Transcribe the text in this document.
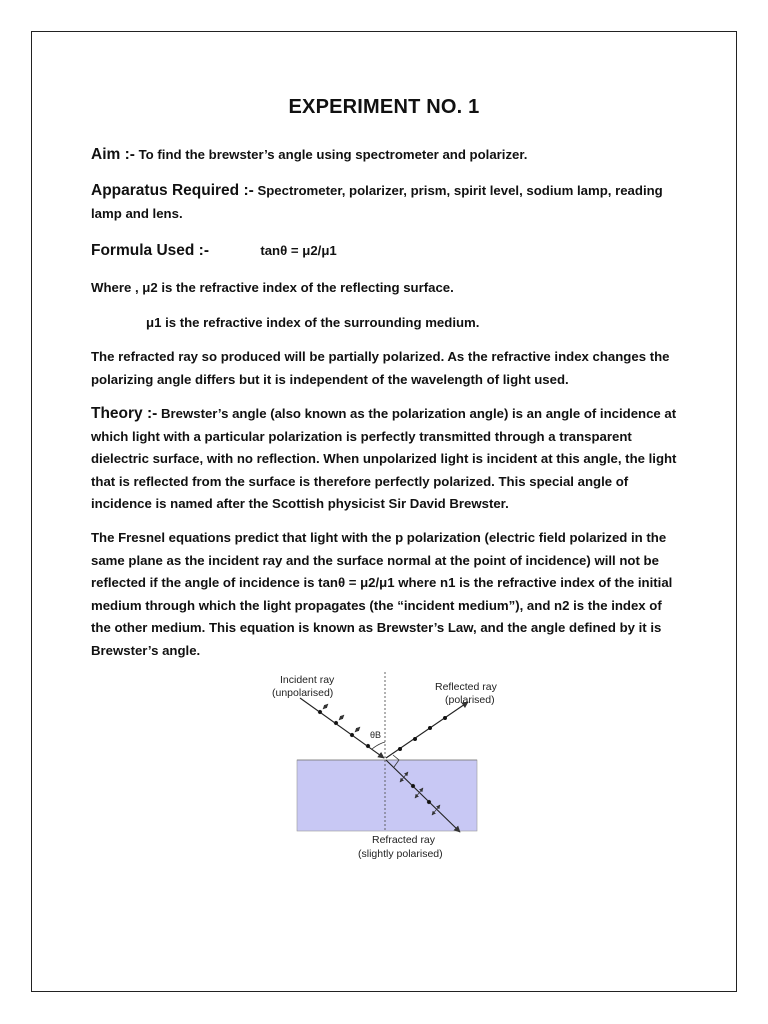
EXPERIMENT NO. 1
Aim :- To find the brewster’s angle using spectrometer and polarizer.
Apparatus Required :- Spectrometer, polarizer, prism, spirit level, sodium lamp, reading lamp and lens.
Formula Used :-	tanθ = μ2/μ1
Where , μ2 is the refractive index of the reflecting surface.
μ1 is the refractive index of the surrounding medium.
The refracted ray so produced will be partially polarized. As the refractive index changes the polarizing angle differs but it is independent of the wavelength of light used.
Theory :- Brewster’s angle (also known as the polarization angle) is an angle of incidence at which light with a particular polarization is perfectly transmitted through a transparent dielectric surface, with no reflection. When unpolarized light is incident at this angle, the light that is reflected from the surface is therefore perfectly polarized. This special angle of incidence is named after the Scottish physicist Sir David Brewster.
The Fresnel equations predict that light with the p polarization (electric field polarized in the same plane as the incident ray and the surface normal at the point of incidence) will not be reflected if the angle of incidence is tanθ = μ2/μ1 where n1 is the refractive index of the initial medium through which the light propagates (the “incident medium”), and n2 is the index of the other medium. This equation is known as Brewster’s Law, and the angle defined by it is Brewster’s angle.
Incident ray
(unpolarised)	Reflected ray
(polarised)
Refracted ray
(slightly polarised)
θB
